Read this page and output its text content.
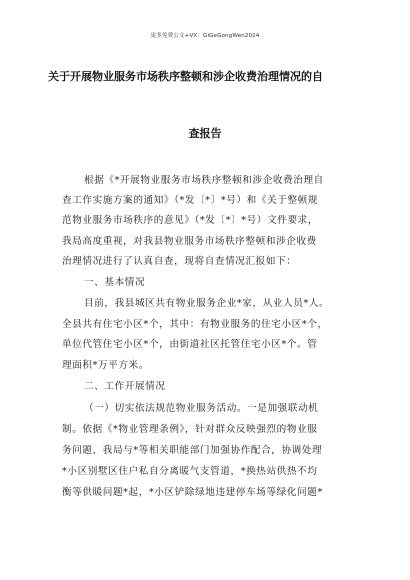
更多免费公文+VX：GiGeGongWen2024
关于开展物业服务市场秩序整顿和涉企收费治理情况的自
查报告
根据《*开展物业服务市场秩序整顿和涉企收费治理自
查工作实施方案的通知》（*发〔*〕*号）和《关于整顿规
范物业服务市场秩序的意见》（*发〔*〕*号）文件要求，
我局高度重视，对我县物业服务市场秩序整顿和涉企收费
治理情况进行了认真自查，现将自查情况汇报如下：
一、基本情况
目前，我县城区共有物业服务企业*家，从业人员*人。
全县共有住宅小区*个，其中：有物业服务的住宅小区*个，
单位代管住宅小区*个，由街道社区托管住宅小区*个。管
理面积*万平方米。
二、工作开展情况
（一）切实依法规范物业服务活动。一是加强联动机
制。依据《*物业管理条例》，针对群众反映强烈的物业服
务问题，我局与*等相关职能部门加强协作配合，协调处理
*小区别墅区住户私自分离暖气支管道，*换热站供热不均
衡等供暖问题*起，*小区铲除绿地违建停车场等绿化问题*
